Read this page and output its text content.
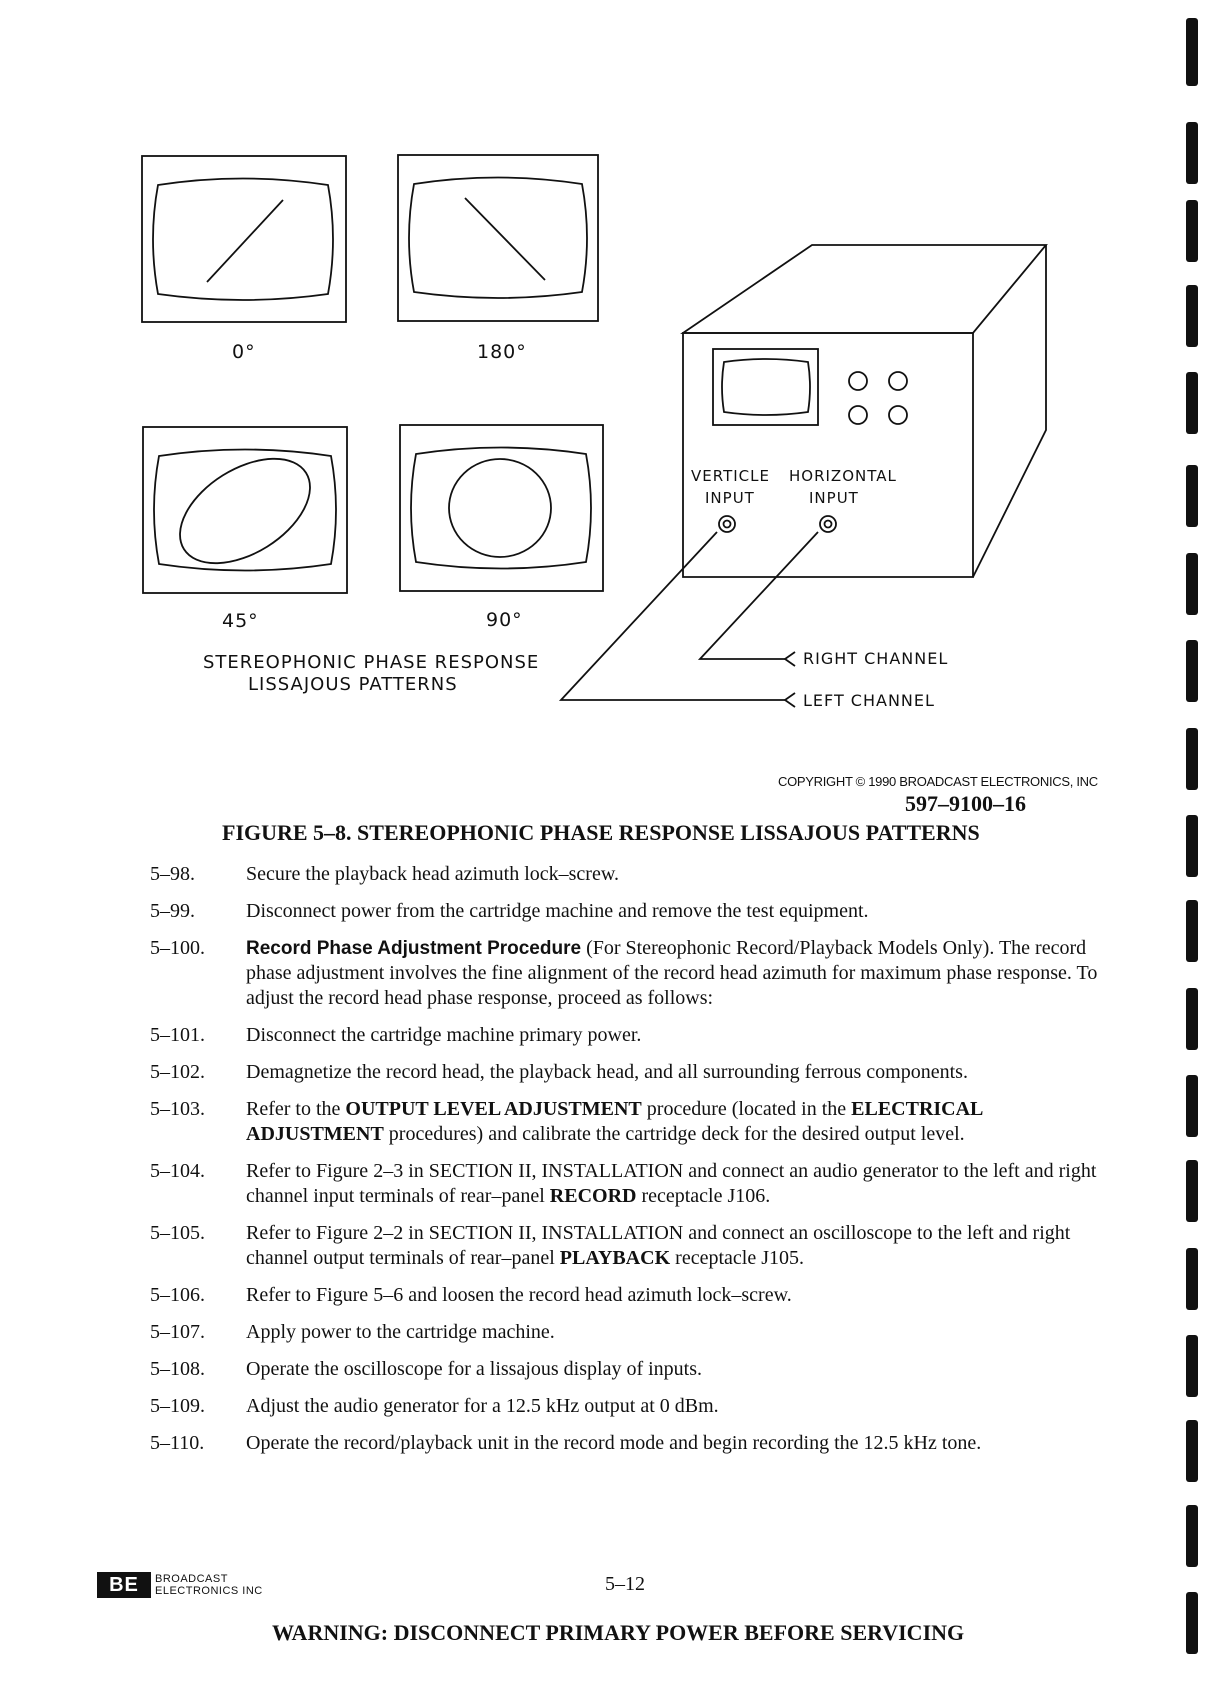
0°	180°
45°	90°
STEREOPHONIC PHASE RESPONSE
LISSAJOUS PATTERNS
VERTICLE
INPUT
HORIZONTAL
INPUT
RIGHT CHANNEL
LEFT CHANNEL
COPYRIGHT © 1990 BROADCAST ELECTRONICS, INC
597–9100–16
FIGURE 5–8. STEREOPHONIC PHASE RESPONSE LISSAJOUS PATTERNS
5–98.	Secure the playback head azimuth lock–screw.
5–99.	Disconnect power from the cartridge machine and remove the test equipment.
5–100.	Record Phase Adjustment Procedure (For Stereophonic Record/Playback Models Only). The record phase adjustment involves the fine alignment of the record head azimuth for maximum phase response. To adjust the record head phase response, proceed as follows:
5–101.	Disconnect the cartridge machine primary power.
5–102.	Demagnetize the record head, the playback head, and all surrounding ferrous components.
5–103.	Refer to the OUTPUT LEVEL ADJUSTMENT procedure (located in the ELECTRICAL ADJUSTMENT procedures) and calibrate the cartridge deck for the desired output level.
5–104.	Refer to Figure 2–3 in SECTION II, INSTALLATION and connect an audio generator to the left and right channel input terminals of rear–panel RECORD receptacle J106.
5–105.	Refer to Figure 2–2 in SECTION II, INSTALLATION and connect an oscilloscope to the left and right channel output terminals of rear–panel PLAYBACK receptacle J105.
5–106.	Refer to Figure 5–6 and loosen the record head azimuth lock–screw.
5–107.	Apply power to the cartridge machine.
5–108.	Operate the oscilloscope for a lissajous display of inputs.
5–109.	Adjust the audio generator for a 12.5 kHz output at 0 dBm.
5–110.	Operate the record/playback unit in the record mode and begin recording the 12.5 kHz tone.
BE	BROADCAST
ELECTRONICS INC	5–12
WARNING: DISCONNECT PRIMARY POWER BEFORE SERVICING
